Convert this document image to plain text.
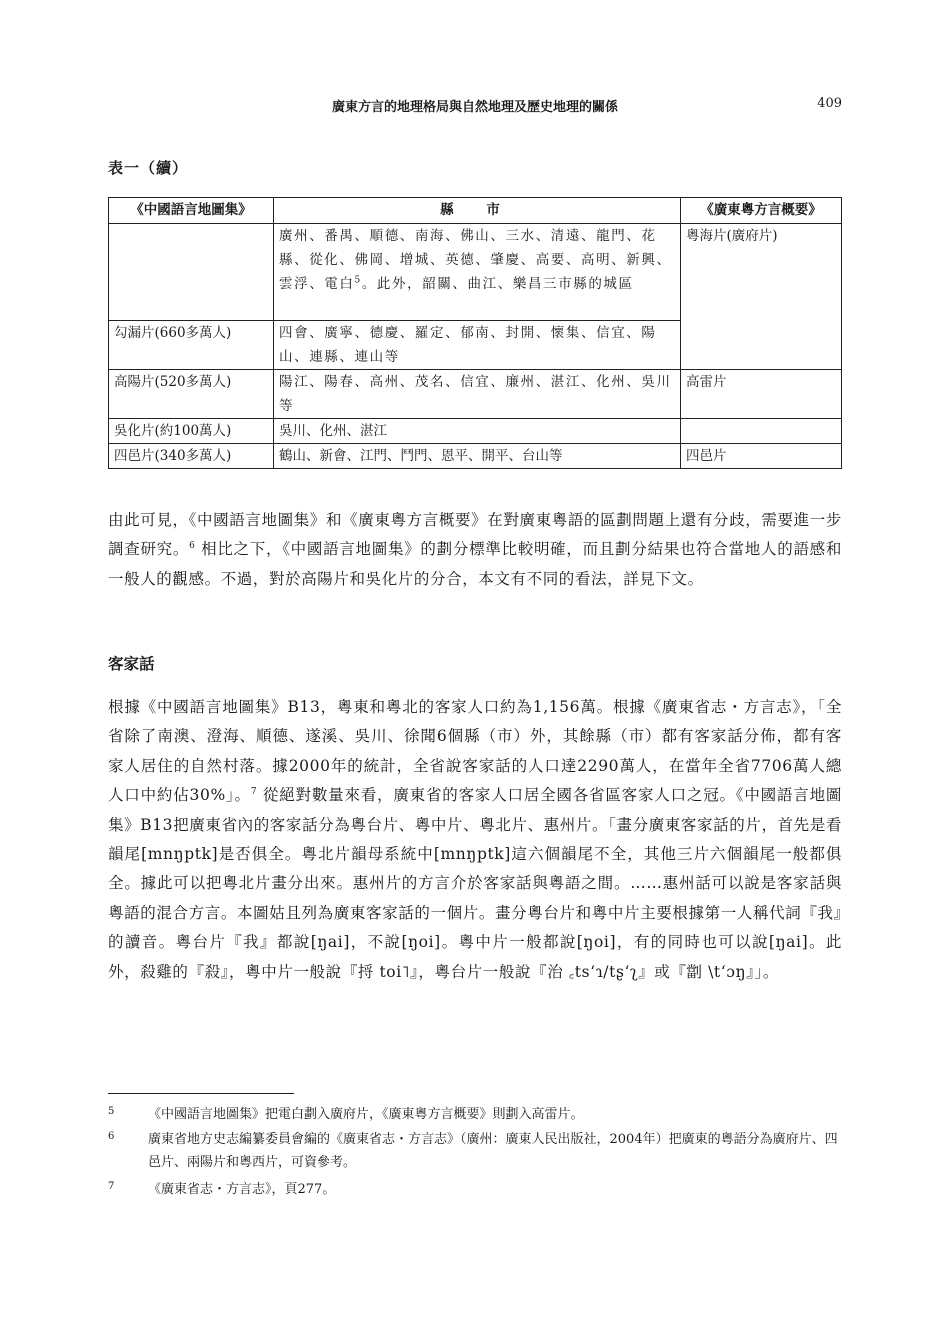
廣東方言的地理格局與自然地理及歷史地理的關係	409
表一（續）
《中國語言地圖集》	縣 市	《廣東粵方言概要》
	廣州、番禺、順德、南海、佛山、三水、清遠、龍門、花縣、從化、佛岡、增城、英德、肇慶、高要、高明、新興、雲浮、電白$^5$。此外，韶關、曲江、樂昌三市縣的城區	粵海片(廣府片)
勾漏片(660多萬人)	四會、廣寧、德慶、羅定、郁南、封開、懷集、信宜、陽山、連縣、連山等	
高陽片(520多萬人)	陽江、陽春、高州、茂名、信宜、廉州、湛江、化州、吳川等	高雷片
吳化片(約100萬人)	吳川、化州、湛江	
四邑片(340多萬人)	鶴山、新會、江門、鬥門、恩平、開平、台山等	四邑片

由此可見，《中國語言地圖集》和《廣東粵方言概要》在對廣東粵語的區劃問題上還有分歧，需要進一步調查研究。$^6$ 相比之下，《中國語言地圖集》的劃分標準比較明確，而且劃分結果也符合當地人的語感和一般人的觀感。不過，對於高陽片和吳化片的分合，本文有不同的看法，詳見下文。

客家話

根據《中國語言地圖集》B13，粵東和粵北的客家人口約為1,156萬。根據《廣東省志・方言志》，「全省除了南澳、澄海、順德、遂溪、吳川、徐聞6個縣（市）外，其餘縣（市）都有客家話分佈，都有客家人居住的自然村落。據2000年的統計，全省說客家話的人口達2290萬人，在當年全省7706萬人總人口中約佔30%」。$^7$ 從絕對數量來看，廣東省的客家人口居全國各省區客家人口之冠。《中國語言地圖集》B13把廣東省內的客家話分為粵台片、粵中片、粵北片、惠州片。「畫分廣東客家話的片，首先是看韻尾[mnŋptk]是否俱全。粵北片韻母系統中[mnŋptk]這六個韻尾不全，其他三片六個韻尾一般都俱全。據此可以把粵北片畫分出來。惠州片的方言介於客家話與粵語之間。……惠州話可以說是客家話與粵語的混合方言。本圖姑且列為廣東客家話的一個片。畫分粵台片和粵中片主要根據第一人稱代詞『我』的讀音。粵台片『我』都說[ŋai]，不說[ŋoi]。粵中片一般都說[ŋoi]，有的同時也可以說[ŋai]。此外，殺雞的『殺』，粵中片一般說『捋 toi˥』，粵台片一般說『治 ꜀tsʻɿ/tʂʻʅ』或『劏 \tʻɔŋ』」。

5	《中國語言地圖集》把電白劃入廣府片，《廣東粵方言概要》則劃入高雷片。
6	廣東省地方史志編纂委員會編的《廣東省志・方言志》（廣州：廣東人民出版社，2004年）把廣東的粵語分為廣府片、四邑片、兩陽片和粵西片，可資參考。
7	《廣東省志・方言志》，頁277。
